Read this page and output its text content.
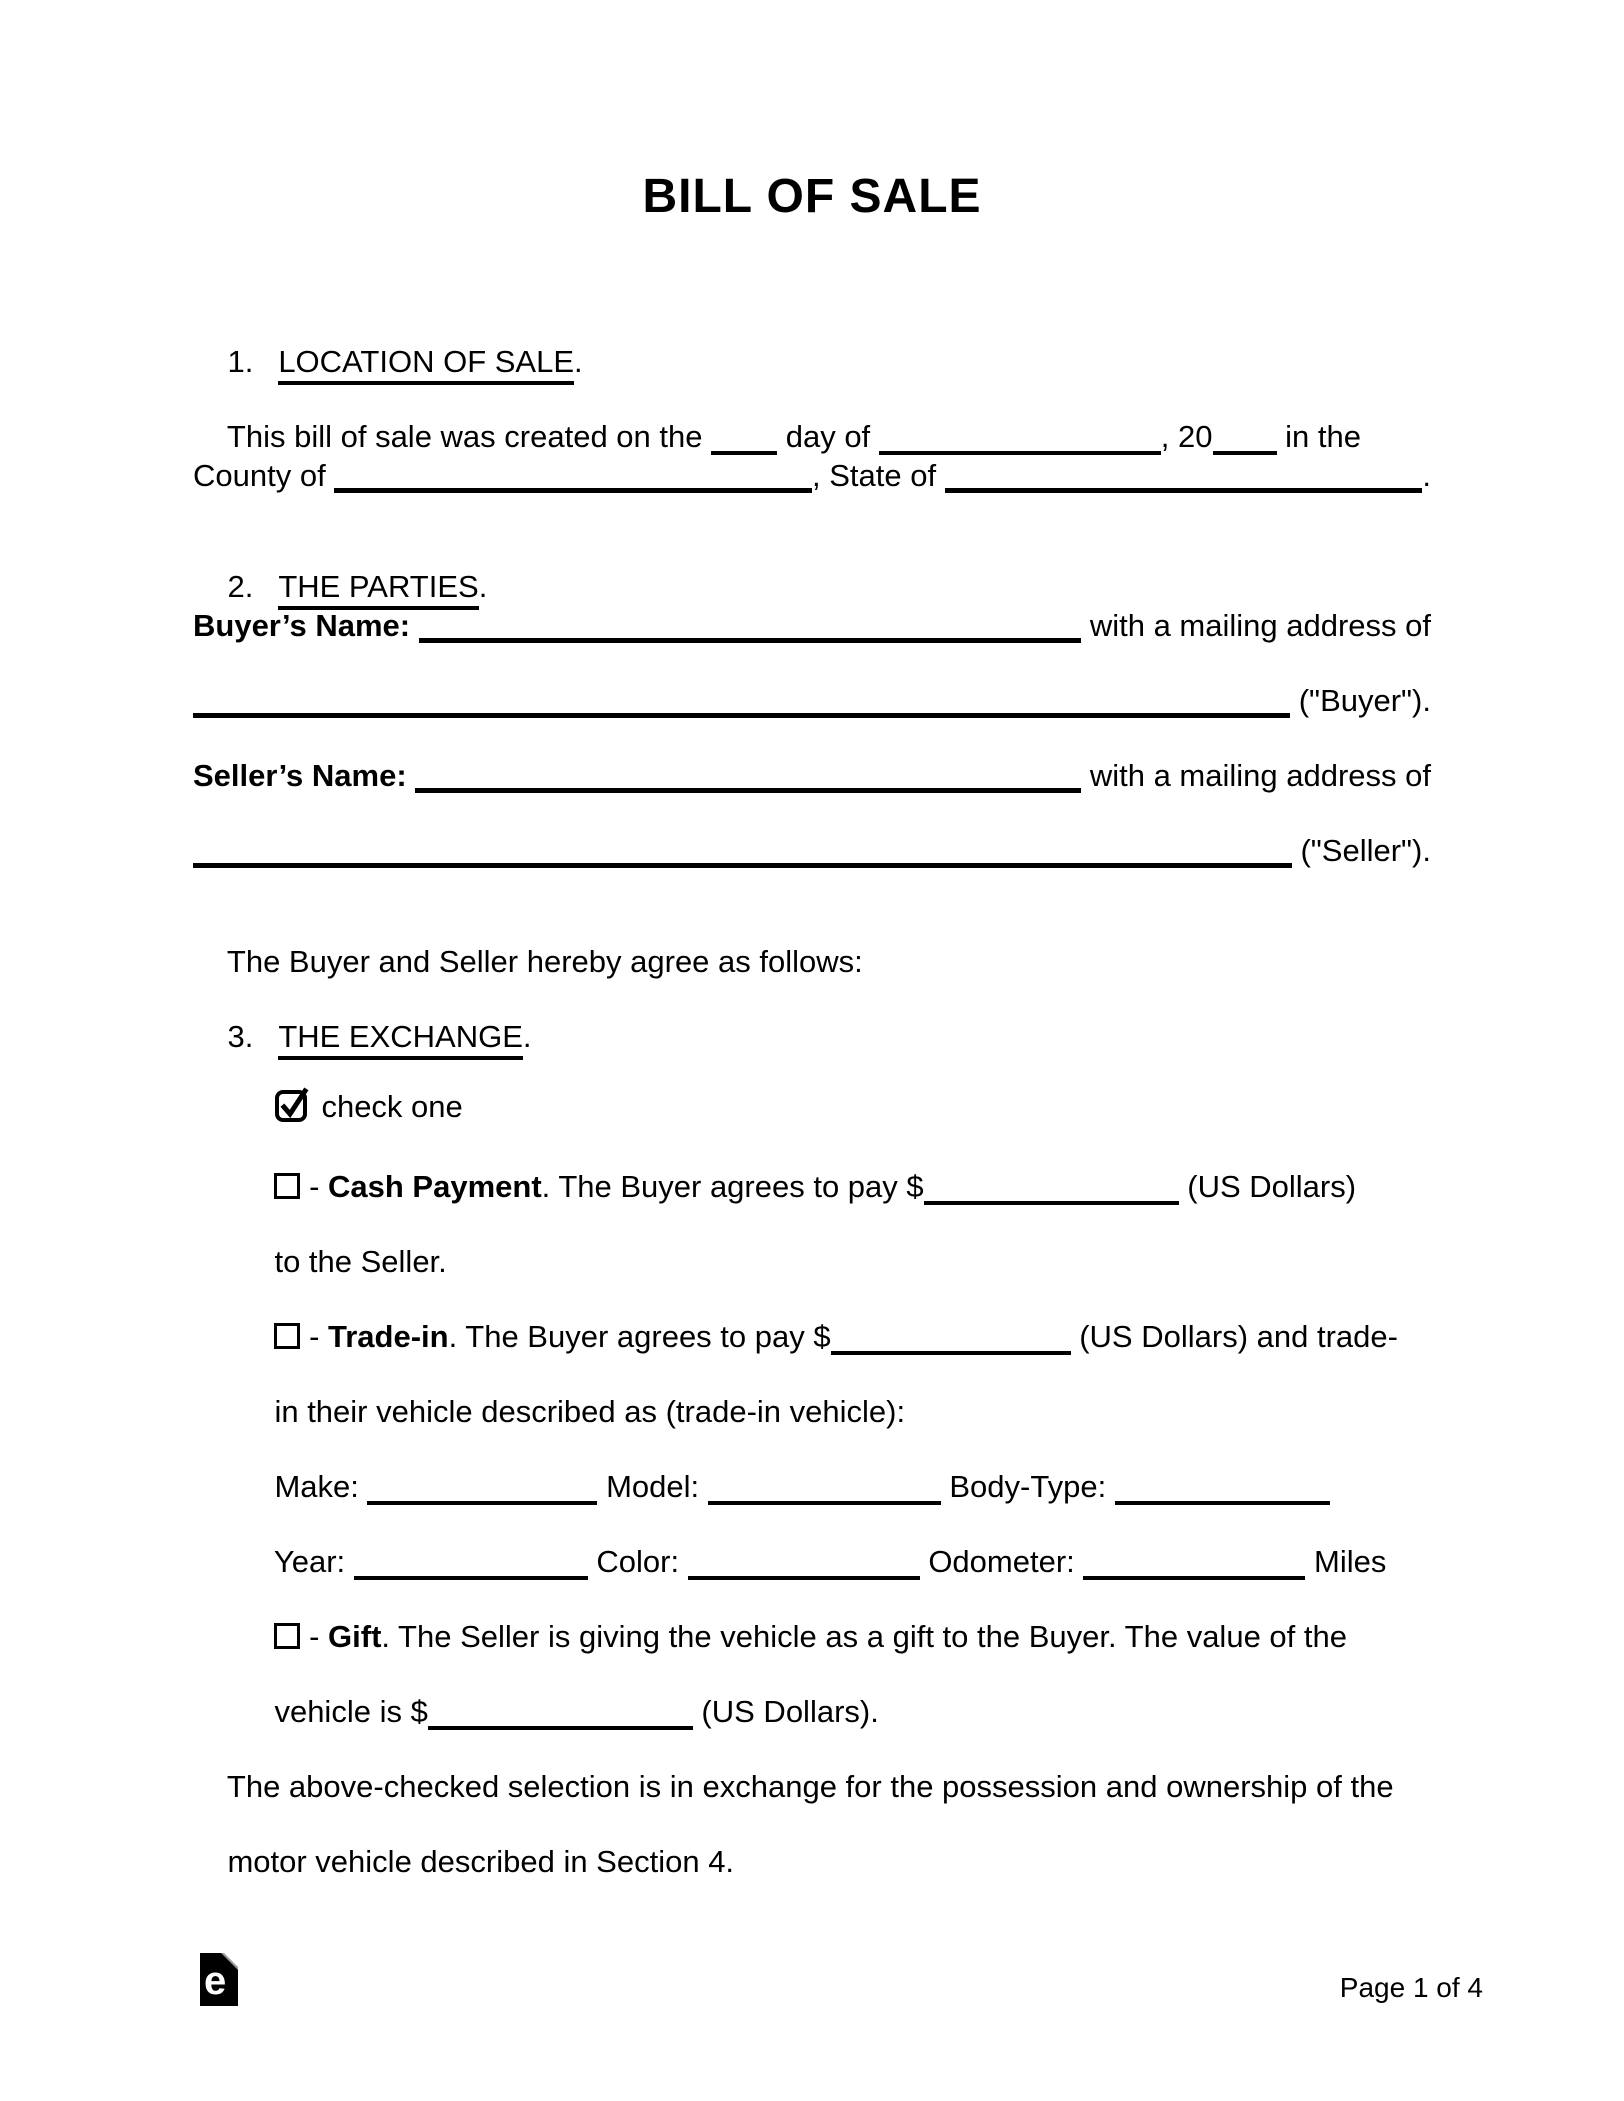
BILL OF SALE

1. LOCATION OF SALE.

This bill of sale was created on the  day of	, 20 in the

County of	, State of	.

2. THE PARTIES.

Buyer’s Name :	with a mailing address of
("Buyer").
Seller’s Name :	with a mailing address of
("Seller").

The Buyer and Seller hereby agree as follows:

3. THE EXCHANGE.

check one

- Cash Payment. The Buyer agrees to pay $	(US Dollars)

to the Seller.

- Trade-in. The Buyer agrees to pay $	(US Dollars) and trade-

in their vehicle described as (trade-in vehicle):

Make:	Model:	Body-Type:

Year:	Color:	Odometer:	Miles

- Gift. The Seller is giving the vehicle as a gift to the Buyer. The value of the

vehicle is $	(US Dollars).

The above-checked selection is in exchange for the possession and ownership of the

motor vehicle described in Section 4.

e	Page 1 of 4
